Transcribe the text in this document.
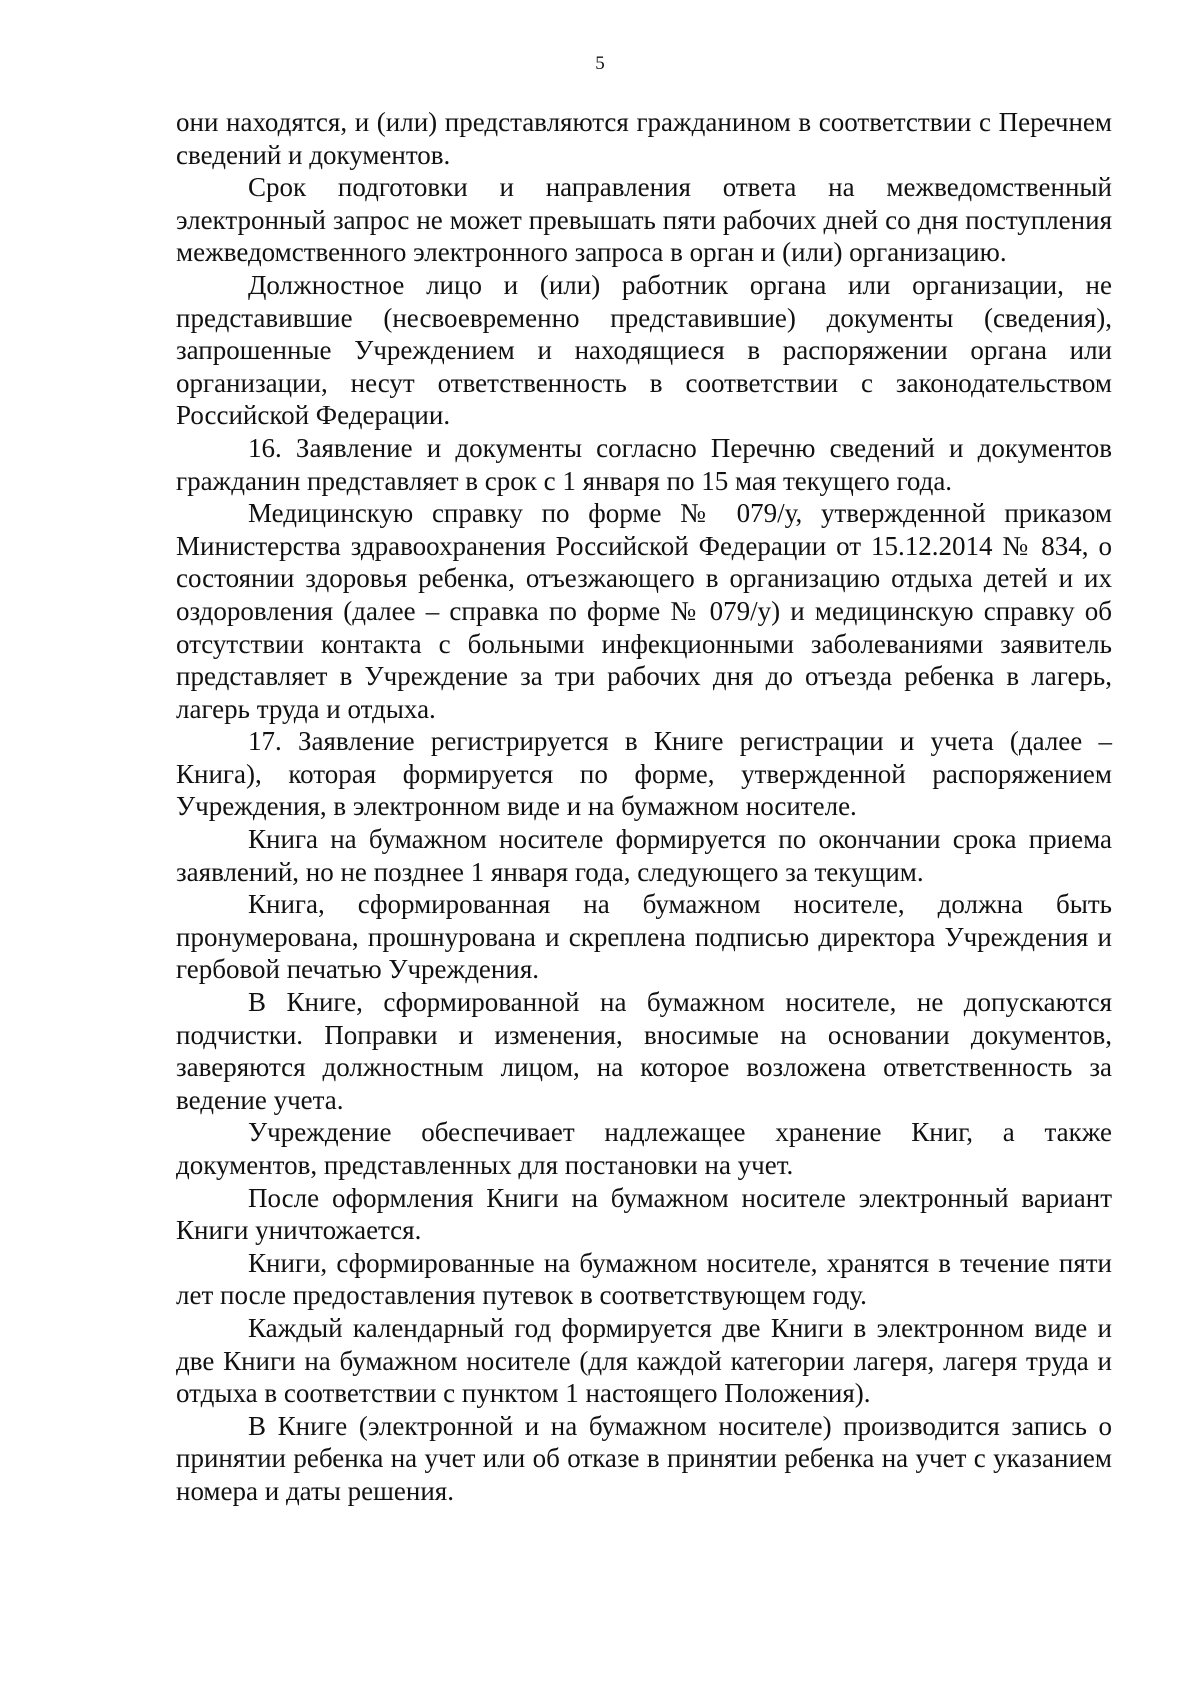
5

они находятся, и (или) представляются гражданином в соответствии с Перечнем сведений и документов.

Срок подготовки и направления ответа на межведомственный электронный запрос не может превышать пяти рабочих дней со дня поступления межведомственного электронного запроса в орган и (или) организацию.

Должностное лицо и (или) работник органа или организации, не представившие (несвоевременно представившие) документы (сведения), запрошенные Учреждением и находящиеся в распоряжении органа или организации, несут ответственность в соответствии с законодательством Российской Федерации.

16. Заявление и документы согласно Перечню сведений и документов гражданин представляет в срок с 1 января по 15 мая текущего года.

Медицинскую справку по форме № 079/у, утвержденной приказом Министерства здравоохранения Российской Федерации от 15.12.2014 № 834, о состоянии здоровья ребенка, отъезжающего в организацию отдыха детей и их оздоровления (далее – справка по форме № 079/у) и медицинскую справку об отсутствии контакта с больными инфекционными заболеваниями заявитель представляет в Учреждение за три рабочих дня до отъезда ребенка в лагерь, лагерь труда и отдыха.

17. Заявление регистрируется в Книге регистрации и учета (далее – Книга), которая формируется по форме, утвержденной распоряжением Учреждения, в электронном виде и на бумажном носителе.

Книга на бумажном носителе формируется по окончании срока приема заявлений, но не позднее 1 января года, следующего за текущим.

Книга, сформированная на бумажном носителе, должна быть пронумерована, прошнурована и скреплена подписью директора Учреждения и гербовой печатью Учреждения.

В Книге, сформированной на бумажном носителе, не допускаются подчистки. Поправки и изменения, вносимые на основании документов, заверяются должностным лицом, на которое возложена ответственность за ведение учета.

Учреждение обеспечивает надлежащее хранение Книг, а также документов, представленных для постановки на учет.

После оформления Книги на бумажном носителе электронный вариант Книги уничтожается.

Книги, сформированные на бумажном носителе, хранятся в течение пяти лет после предоставления путевок в соответствующем году.

Каждый календарный год формируется две Книги в электронном виде и две Книги на бумажном носителе (для каждой категории лагеря, лагеря труда и отдыха в соответствии с пунктом 1 настоящего Положения).

В Книге (электронной и на бумажном носителе) производится запись о принятии ребенка на учет или об отказе в принятии ребенка на учет с указанием номера и даты решения.
